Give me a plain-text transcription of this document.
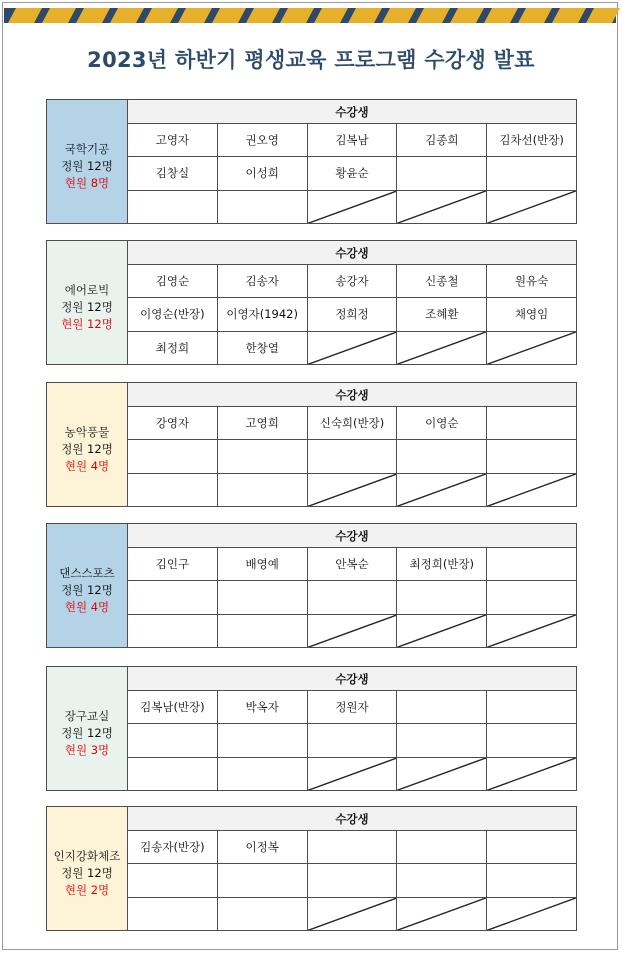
2023년 하반기 평생교육 프로그램 수강생 발표
국학기공
정원 12명
현원 8명
수강생
고영자	권오영	김복남	김종희	김차선(반장)
김창실	이성희	황윤순
에어로빅
정원 12명
현원 12명
수강생
김영순	김송자	송강자	신종철	원유숙
이영순(반장)	이영자(1942)	정희정	조혜환	채영임
최정희	한창열
농악풍물
정원 12명
현원 4명
수강생
강영자	고영희	신숙희(반장)	이영순
댄스스포츠
정원 12명
현원 4명
수강생
김인구	배영예	안복순	최정희(반장)
장구교실
정원 12명
현원 3명
수강생
김복남(반장)	박옥자	정원자
인지강화체조
정원 12명
현원 2명
수강생
김송자(반장)	이정복
